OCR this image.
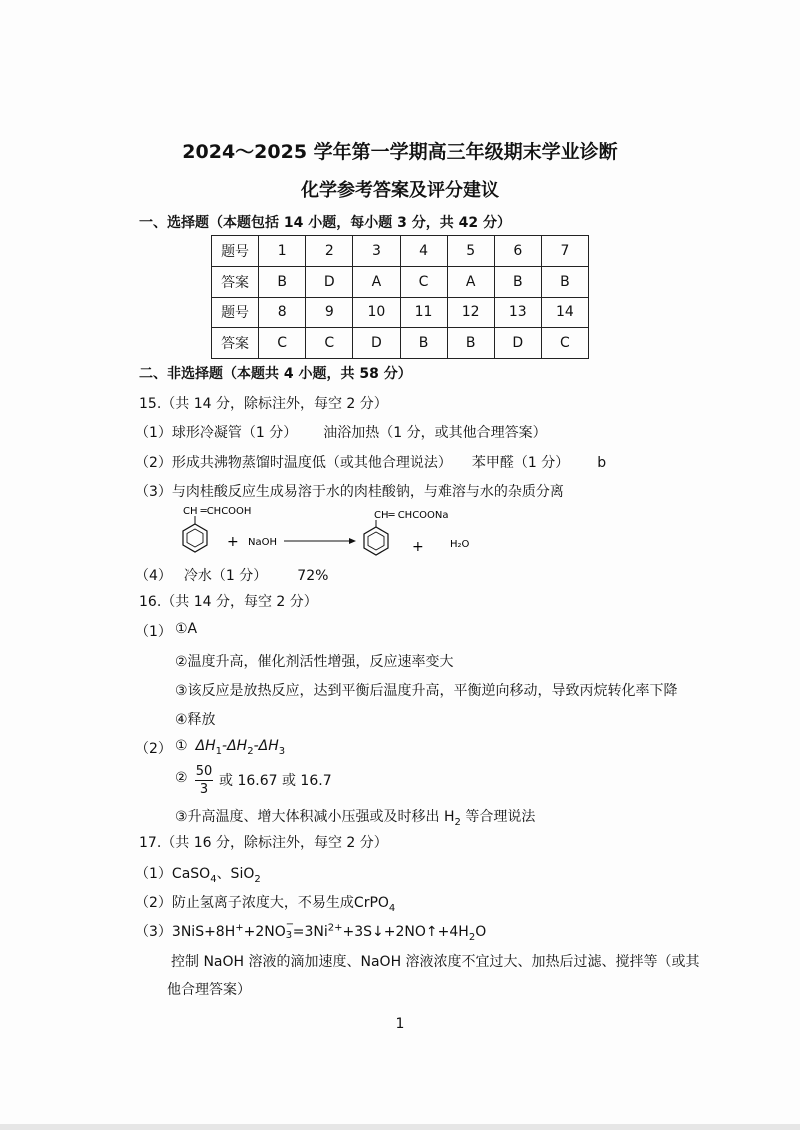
2024～2025 学年第一学期高三年级期末学业诊断
化学参考答案及评分建议
一、选择题（本题包括 14 小题，每小题 3 分，共 42 分）
题号	1	2	3	4	5	6	7
答案	B	D	A	C	A	B	B
题号	8	9	10	11	12	13	14
答案	C	C	D	B	B	D	C
二、非选择题（本题共 4 小题，共 58 分）
15.（共 14 分，除标注外，每空 2 分）
（1）球形冷凝管（1 分） 油浴加热（1 分，或其他合理答案）
（2）形成共沸物蒸馏时温度低（或其他合理说法） 苯甲醛（1 分） b
（3）与肉桂酸反应生成易溶于水的肉桂酸钠，与难溶与水的杂质分离
CH ═CHCOOH
+ NaOH
CH═ CHCOONa
+	H₂O
（4） 冷水（1 分） 72%
16.（共 14 分，每空 2 分）
（1） ①A
②温度升高，催化剂活性增强，反应速率变大
③该反应是放热反应，达到平衡后温度升高，平衡逆向移动，导致丙烷转化率下降
④释放
（2） ① $\Delta H_1-\Delta H_2-\Delta H_3$
② $\frac{50}{3}$ 或 16.67 或 16.7
③升高温度、增大体积减小压强或及时移出 $H_2$ 等合理说法
17.（共 16 分，除标注外，每空 2 分）
（1）CaSO$_4$、SiO$_2$
（2）防止氢离子浓度大，不易生成CrPO$_4$
（3）3NiS+8H++2NO −
$3 =3Ni^{2+}+3S↓+2NO↑+4H_2O$
控制 NaOH 溶液的滴加速度、NaOH 溶液浓度不宜过大、加热后过滤、搅拌等（或其
他合理答案）
1
